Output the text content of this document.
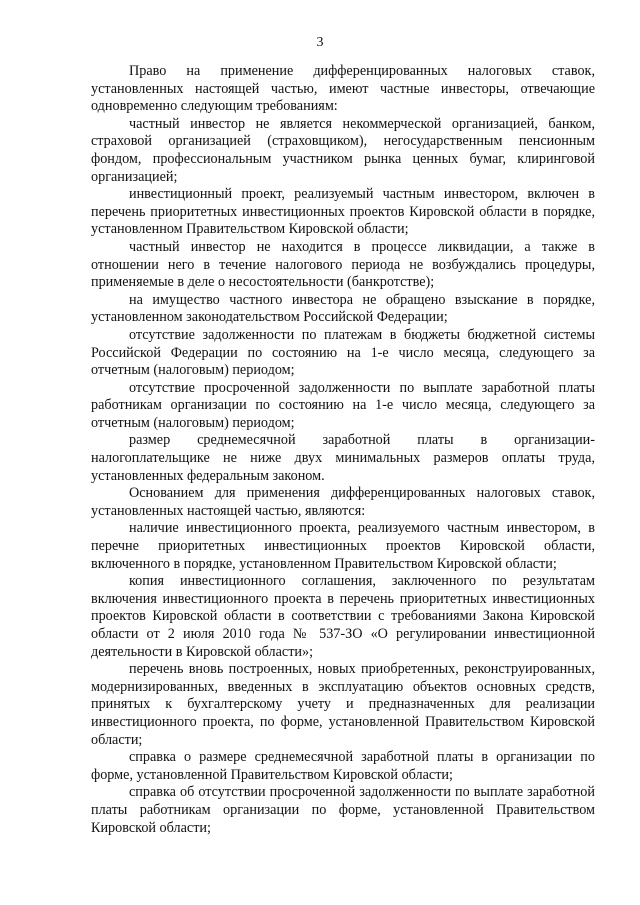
3

Право на применение дифференцированных налоговых ставок, установленных настоящей частью, имеют частные инвесторы, отвечающие одновременно следующим требованиям:

частный инвестор не является некоммерческой организацией, банком, страховой организацией (страховщиком), негосударственным пенсионным фондом, профессиональным участником рынка ценных бумаг, клиринговой организацией;

инвестиционный проект, реализуемый частным инвестором, включен в перечень приоритетных инвестиционных проектов Кировской области в порядке, установленном Правительством Кировской области;

частный инвестор не находится в процессе ликвидации, а также в отношении него в течение налогового периода не возбуждались процедуры, применяемые в деле о несостоятельности (банкротстве);

на имущество частного инвестора не обращено взыскание в порядке, установленном законодательством Российской Федерации;

отсутствие задолженности по платежам в бюджеты бюджетной системы Российской Федерации по состоянию на 1-е число месяца, следующего за отчетным (налоговым) периодом;

отсутствие просроченной задолженности по выплате заработной платы работникам организации по состоянию на 1-е число месяца, следующего за отчетным (налоговым) периодом;

размер среднемесячной заработной платы в организации-налогоплательщике не ниже двух минимальных размеров оплаты труда, установленных федеральным законом.

Основанием для применения дифференцированных налоговых ставок, установленных настоящей частью, являются:

наличие инвестиционного проекта, реализуемого частным инвестором, в перечне приоритетных инвестиционных проектов Кировской области, включенного в порядке, установленном Правительством Кировской области;

копия инвестиционного соглашения, заключенного по результатам включения инвестиционного проекта в перечень приоритетных инвестиционных проектов Кировской области в соответствии с требованиями Закона Кировской области от 2 июля 2010 года № 537-ЗО «О регулировании инвестиционной деятельности в Кировской области»;

перечень вновь построенных, новых приобретенных, реконструированных, модернизированных, введенных в эксплуатацию объектов основных средств, принятых к бухгалтерскому учету и предназначенных для реализации инвестиционного проекта, по форме, установленной Правительством Кировской области;

справка о размере среднемесячной заработной платы в организации по форме, установленной Правительством Кировской области;

справка об отсутствии просроченной задолженности по выплате заработной платы работникам организации по форме, установленной Правительством Кировской области;
